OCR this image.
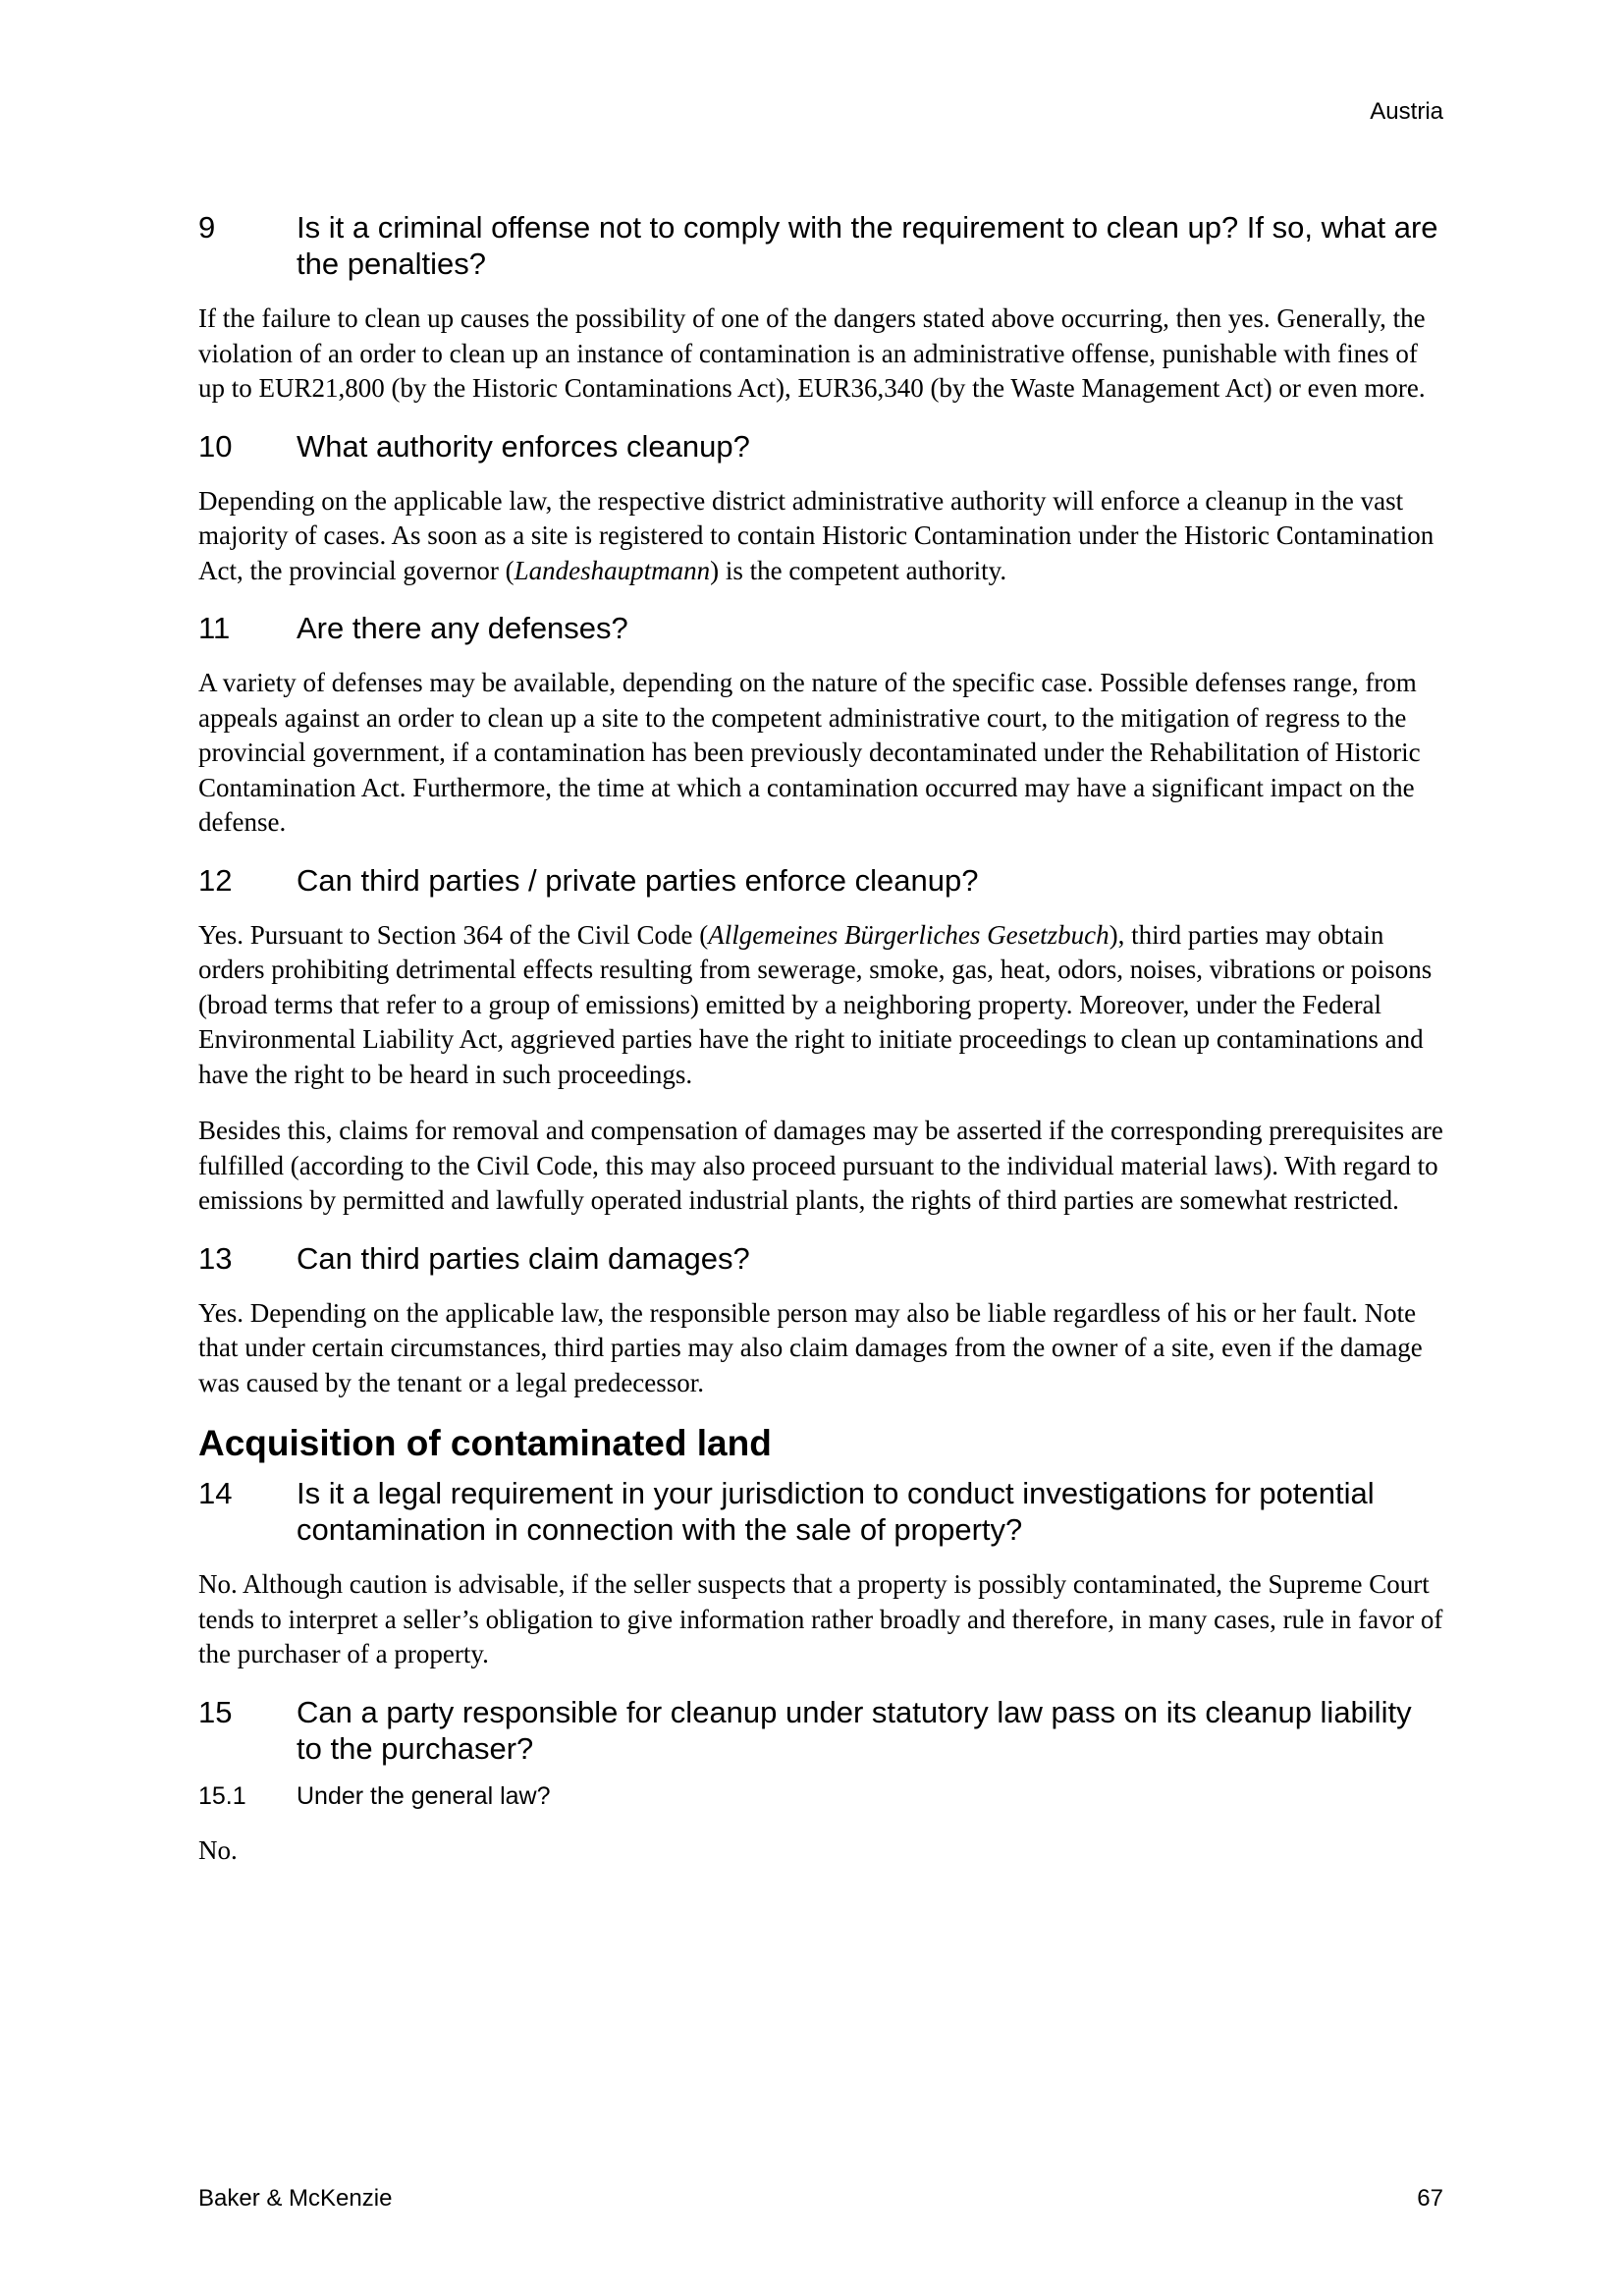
Austria
9	Is it a criminal offense not to comply with the requirement to clean up? If so, what are the penalties?

If the failure to clean up causes the possibility of one of the dangers stated above occurring, then yes. Generally, the violation of an order to clean up an instance of contamination is an administrative offense, punishable with fines of up to EUR21,800 (by the Historic Contaminations Act), EUR36,340 (by the Waste Management Act) or even more.

10	What authority enforces cleanup?

Depending on the applicable law, the respective district administrative authority will enforce a cleanup in the vast majority of cases. As soon as a site is registered to contain Historic Contamination under the Historic Contamination Act, the provincial governor (Landeshauptmann) is the competent authority.

11	Are there any defenses?

A variety of defenses may be available, depending on the nature of the specific case. Possible defenses range, from appeals against an order to clean up a site to the competent administrative court, to the mitigation of regress to the provincial government, if a contamination has been previously decontaminated under the Rehabilitation of Historic Contamination Act. Furthermore, the time at which a contamination occurred may have a significant impact on the defense.

12	Can third parties / private parties enforce cleanup?

Yes. Pursuant to Section 364 of the Civil Code (Allgemeines Bürgerliches Gesetzbuch), third parties may obtain orders prohibiting detrimental effects resulting from sewerage, smoke, gas, heat, odors, noises, vibrations or poisons (broad terms that refer to a group of emissions) emitted by a neighboring property. Moreover, under the Federal Environmental Liability Act, aggrieved parties have the right to initiate proceedings to clean up contaminations and have the right to be heard in such proceedings.

Besides this, claims for removal and compensation of damages may be asserted if the corresponding prerequisites are fulfilled (according to the Civil Code, this may also proceed pursuant to the individual material laws). With regard to emissions by permitted and lawfully operated industrial plants, the rights of third parties are somewhat restricted.

13	Can third parties claim damages?

Yes. Depending on the applicable law, the responsible person may also be liable regardless of his or her fault. Note that under certain circumstances, third parties may also claim damages from the owner of a site, even if the damage was caused by the tenant or a legal predecessor.

Acquisition of contaminated land
14	Is it a legal requirement in your jurisdiction to conduct investigations for potential contamination in connection with the sale of property?

No. Although caution is advisable, if the seller suspects that a property is possibly contaminated, the Supreme Court tends to interpret a seller’s obligation to give information rather broadly and therefore, in many cases, rule in favor of the purchaser of a property.

15	Can a party responsible for cleanup under statutory law pass on its cleanup liability to the purchaser?
15.1	Under the general law?

No.

Baker & McKenzie	67
